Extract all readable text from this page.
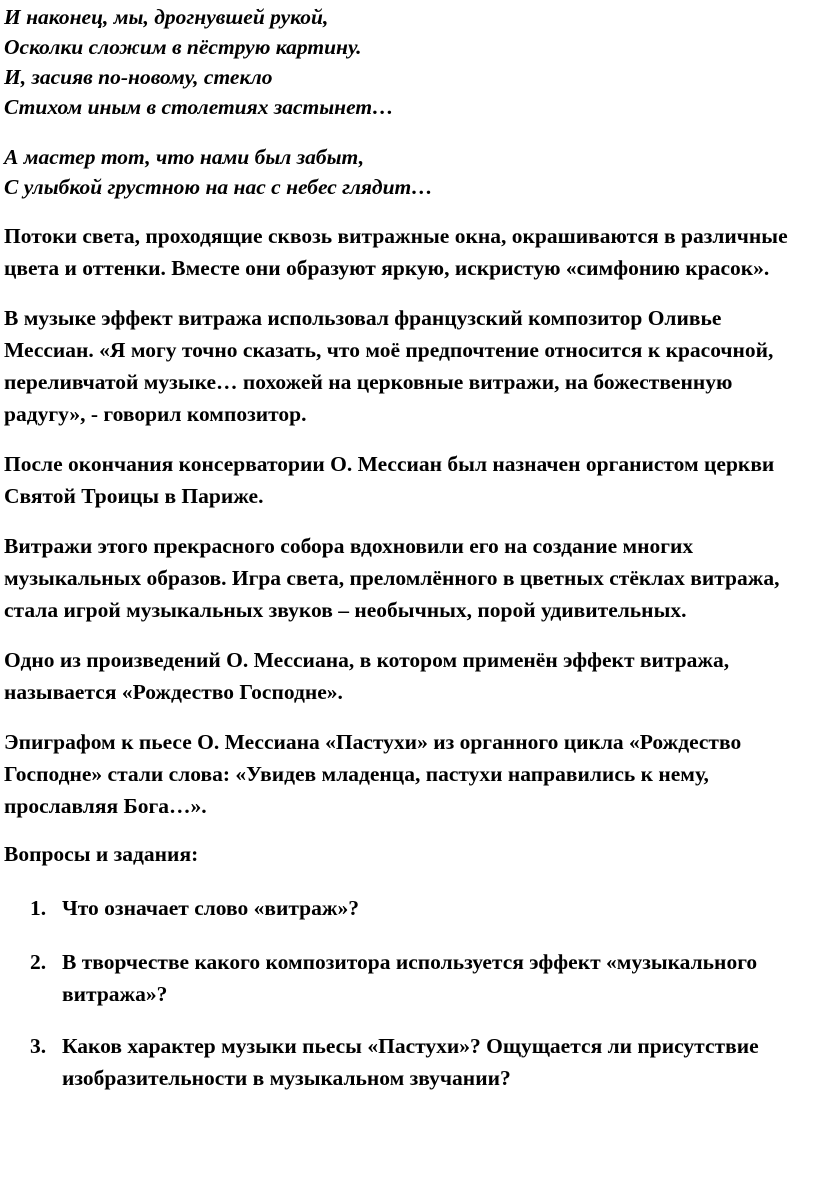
И наконец, мы, дрогнувшей рукой,
Осколки сложим в пёструю картину.
И, засияв по-новому, стекло
Стихом иным в столетиях застынет…
А мастер тот, что нами был забыт,
С улыбкой грустною на нас с небес глядит…

Потоки света, проходящие сквозь витражные окна, окрашиваются в различные цвета и оттенки. Вместе они образуют яркую, искристую «симфонию красок».

В музыке эффект витража использовал французский композитор Оливье Мессиан. «Я могу точно сказать, что моё предпочтение относится к красочной, переливчатой музыке… похожей на церковные витражи, на божественную радугу», - говорил композитор.

После окончания консерватории О. Мессиан был назначен органистом церкви Святой Троицы в Париже.

Витражи этого прекрасного собора вдохновили его на создание многих музыкальных образов. Игра света, преломлённого в цветных стёклах витража, стала игрой музыкальных звуков – необычных, порой удивительных.

Одно из произведений О. Мессиана, в котором применён эффект витража, называется «Рождество Господне».

Эпиграфом к пьесе О. Мессиана «Пастухи» из органного цикла «Рождество Господне» стали слова: «Увидев младенца, пастухи направились к нему, прославляя Бога…».

Вопросы и задания:

1. Что означает слово «витраж»?
2. В творчестве какого композитора используется эффект «музыкального витража»?
3. Каков характер музыки пьесы «Пастухи»? Ощущается ли присутствие изобразительности в музыкальном звучании?
